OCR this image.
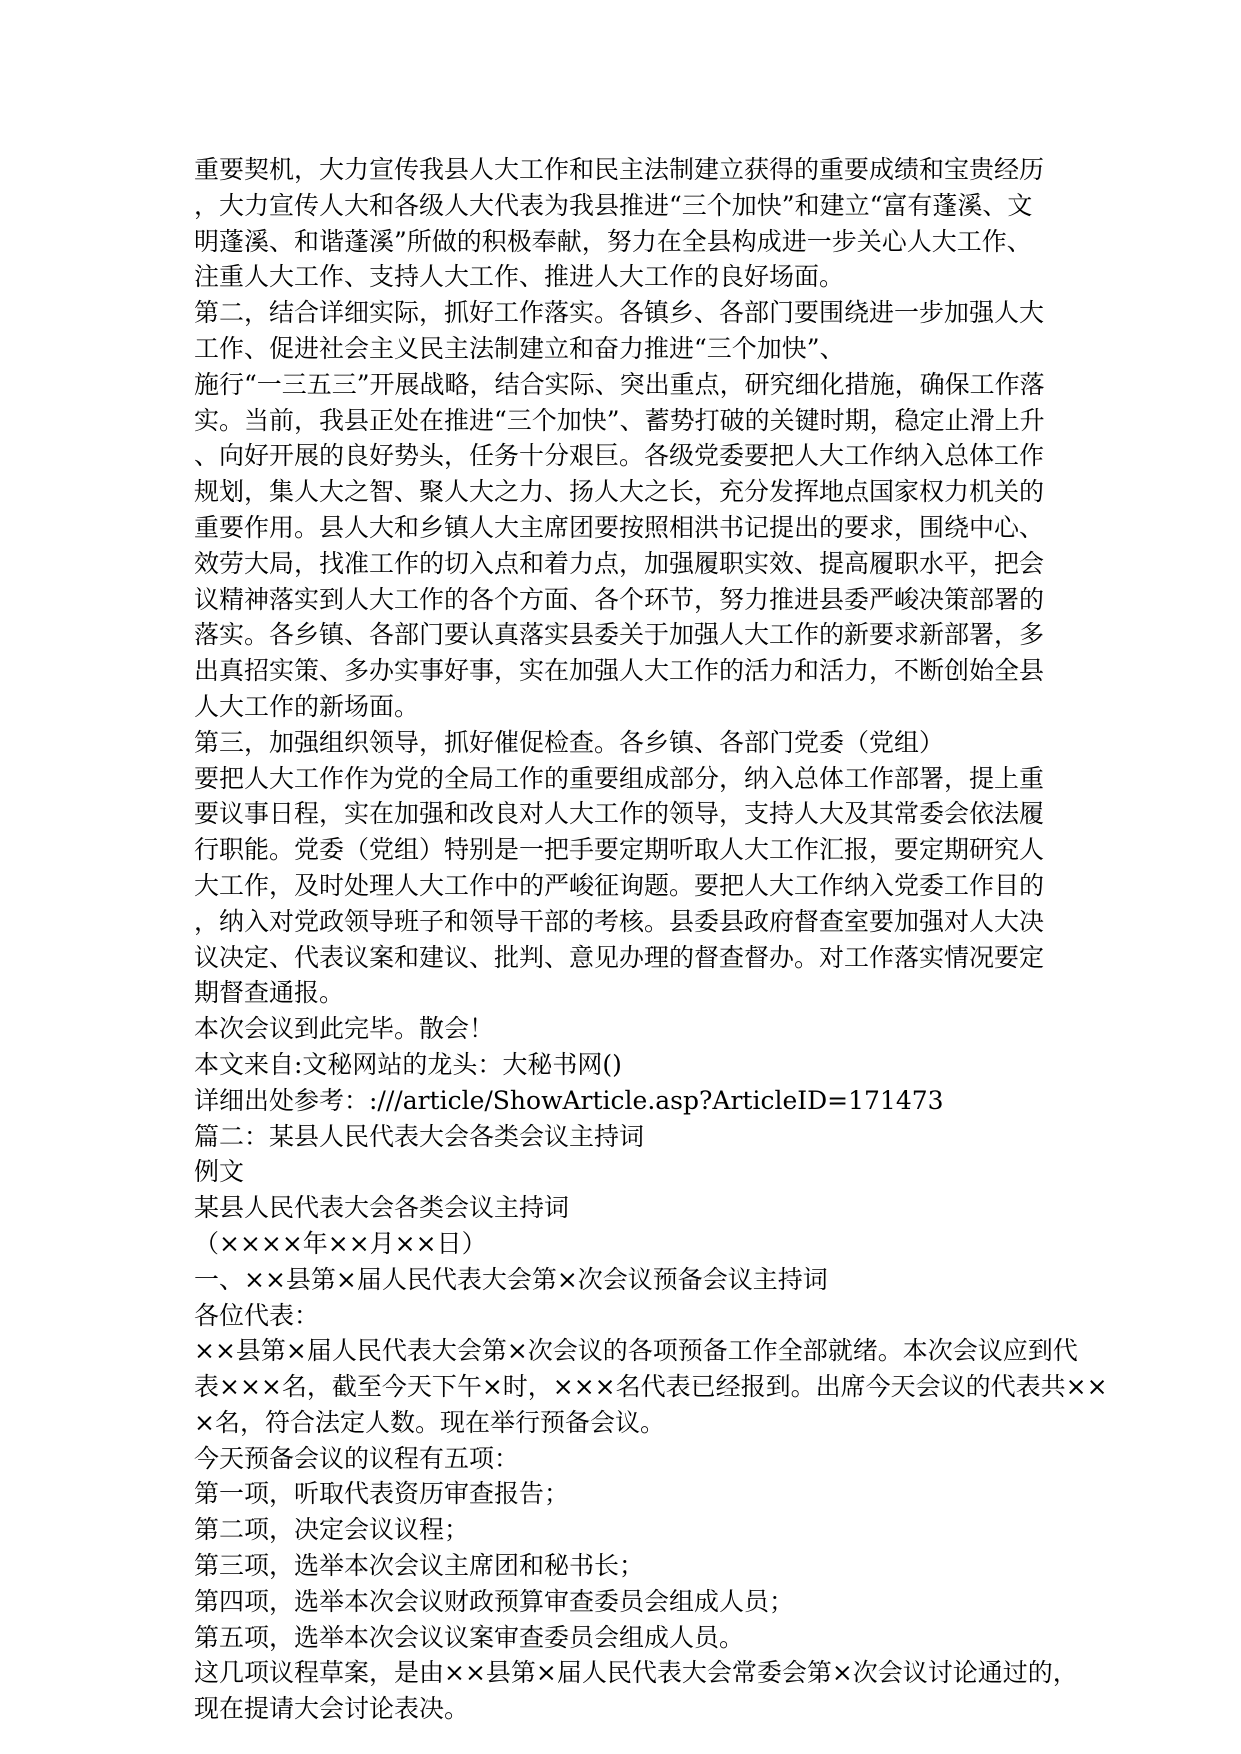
重要契机，大力宣传我县人大工作和民主法制建立获得的重要成绩和宝贵经历
，大力宣传人大和各级人大代表为我县推进“三个加快”和建立“富有蓬溪、文
明蓬溪、和谐蓬溪”所做的积极奉献，努力在全县构成进一步关心人大工作、
注重人大工作、支持人大工作、推进人大工作的良好场面。
第二，结合详细实际，抓好工作落实。各镇乡、各部门要围绕进一步加强人大
工作、促进社会主义民主法制建立和奋力推进“三个加快”、
施行“一三五三”开展战略，结合实际、突出重点，研究细化措施，确保工作落
实。当前，我县正处在推进“三个加快”、蓄势打破的关键时期，稳定止滑上升
、向好开展的良好势头，任务十分艰巨。各级党委要把人大工作纳入总体工作
规划，集人大之智、聚人大之力、扬人大之长，充分发挥地点国家权力机关的
重要作用。县人大和乡镇人大主席团要按照相洪书记提出的要求，围绕中心、
效劳大局，找准工作的切入点和着力点，加强履职实效、提高履职水平，把会
议精神落实到人大工作的各个方面、各个环节，努力推进县委严峻决策部署的
落实。各乡镇、各部门要认真落实县委关于加强人大工作的新要求新部署，多
出真招实策、多办实事好事，实在加强人大工作的活力和活力，不断创始全县
人大工作的新场面。
第三，加强组织领导，抓好催促检查。各乡镇、各部门党委（党组）
要把人大工作作为党的全局工作的重要组成部分，纳入总体工作部署，提上重
要议事日程，实在加强和改良对人大工作的领导，支持人大及其常委会依法履
行职能。党委（党组）特别是一把手要定期听取人大工作汇报，要定期研究人
大工作，及时处理人大工作中的严峻征询题。要把人大工作纳入党委工作目的
，纳入对党政领导班子和领导干部的考核。县委县政府督查室要加强对人大决
议决定、代表议案和建议、批判、意见办理的督查督办。对工作落实情况要定
期督查通报。
本次会议到此完毕。散会！
本文来自:文秘网站的龙头：大秘书网()
详细出处参考：:///article/ShowArticle.asp?ArticleID=171473
篇二：某县人民代表大会各类会议主持词
例文
某县人民代表大会各类会议主持词
（××××年××月××日）
一、××县第×届人民代表大会第×次会议预备会议主持词
各位代表：
××县第×届人民代表大会第×次会议的各项预备工作全部就绪。本次会议应到代
表×××名，截至今天下午×时，×××名代表已经报到。出席今天会议的代表共××
×名，符合法定人数。现在举行预备会议。
今天预备会议的议程有五项：
第一项，听取代表资历审查报告；
第二项，决定会议议程；
第三项，选举本次会议主席团和秘书长；
第四项，选举本次会议财政预算审查委员会组成人员；
第五项，选举本次会议议案审查委员会组成人员。
这几项议程草案，是由××县第×届人民代表大会常委会第×次会议讨论通过的，
现在提请大会讨论表决。
